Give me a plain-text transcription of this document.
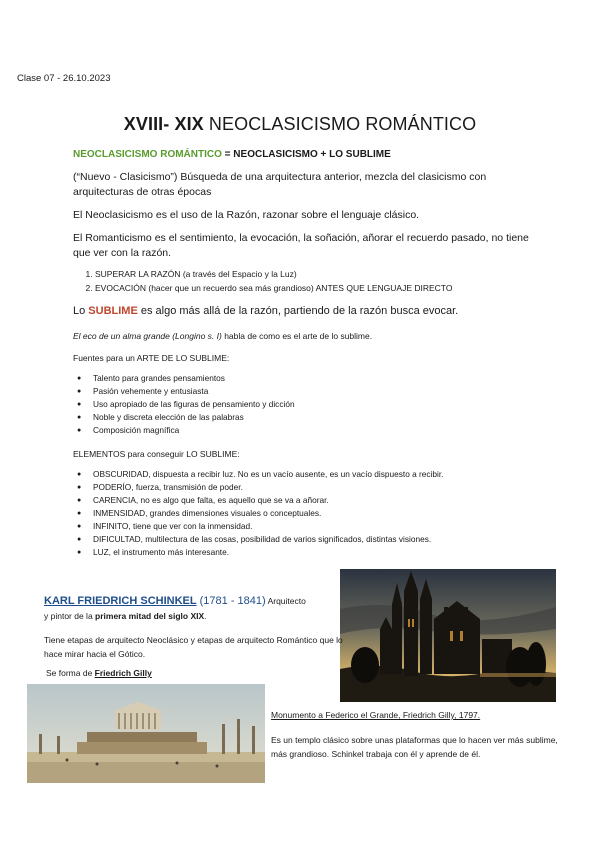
Clase 07 - 26.10.2023
XVIII- XIX NEOCLASICISMO ROMÁNTICO
NEOCLASICISMO ROMÁNTICO = NEOCLASICISMO + LO SUBLIME
(“Nuevo - Clasicismo”) Búsqueda de una arquitectura anterior, mezcla del clasicismo con arquitecturas de otras épocas
El Neoclasicismo es el uso de la Razón, razonar sobre el lenguaje clásico.
El Romanticismo es el sentimiento, la evocación, la soñación, añorar el recuerdo pasado, no tiene que ver con la razón.
1. SUPERAR LA RAZÓN (a través del Espacio y la Luz)
2. EVOCACIÓN (hacer que un recuerdo sea más grandioso) ANTES QUE LENGUAJE DIRECTO
Lo SUBLIME es algo más allá de la razón, partiendo de la razón busca evocar.
El eco de un alma grande (Longino s. I) habla de como es el arte de lo sublime.
Fuentes para un ARTE DE LO SUBLIME:
● Talento para grandes pensamientos
● Pasión vehemente y entusiasta
● Uso apropiado de las figuras de pensamiento y dicción
● Noble y discreta elección de las palabras
● Composición magnífica
ELEMENTOS para conseguir LO SUBLIME:
● OBSCURIDAD, dispuesta a recibir luz. No es un vacío ausente, es un vacío dispuesto a recibir.
● PODERÍO, fuerza, transmisión de poder.
● CARENCIA, no es algo que falta, es aquello que se va a añorar.
● INMENSIDAD, grandes dimensiones visuales o conceptuales.
● INFINITO, tiene que ver con la inmensidad.
● DIFICULTAD, multilectura de las cosas, posibilidad de varios significados, distintas visiones.
● LUZ, el instrumento más interesante.
KARL FRIEDRICH SCHINKEL (1781 - 1841) Arquitecto
y pintor de la primera mitad del siglo XIX.
Tiene etapas de arquitecto Neoclásico y etapas de arquitecto Romántico que lo hace mirar hacia el Gótico.
Se forma de Friedrich Gilly
Monumento a Federico el Grande, Friedrich Gilly, 1797.
Es un templo clásico sobre unas plataformas que lo hacen ver más sublime, más grandioso. Schinkel trabaja con él y aprende de él.
